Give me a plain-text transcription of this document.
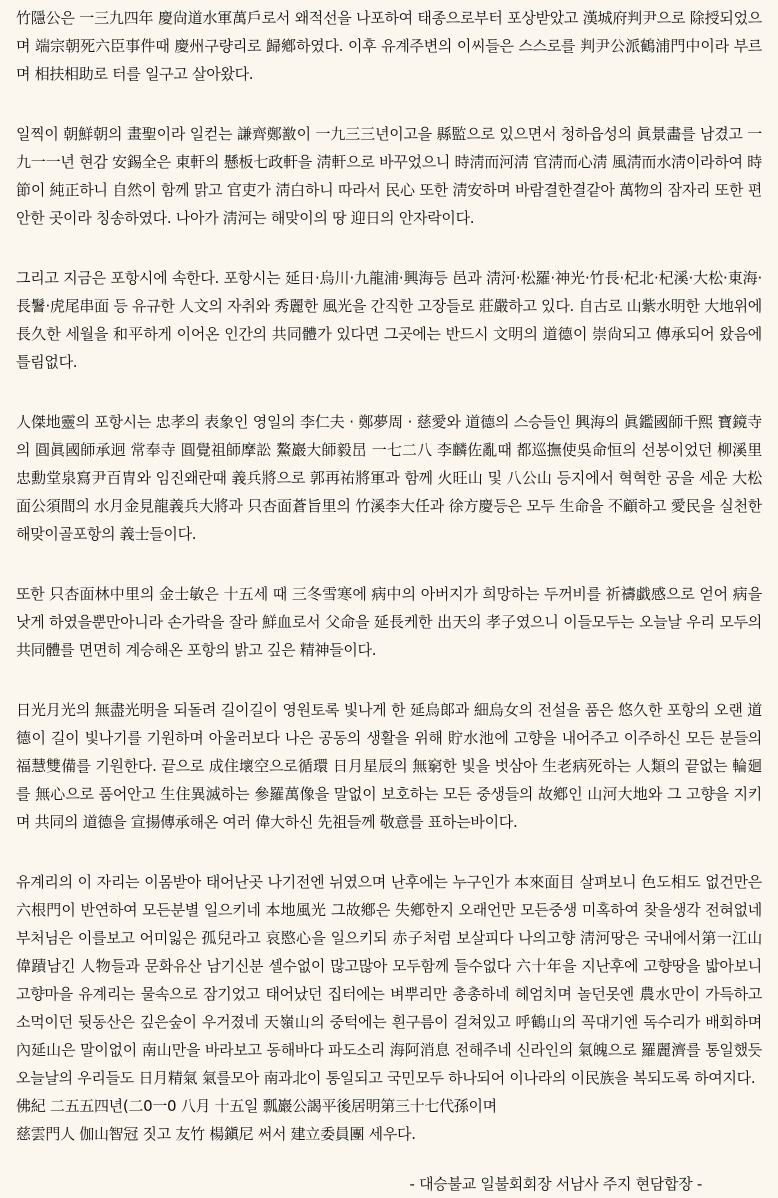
竹隱公은 一三九四年 慶尙道水軍萬戶로서 왜적선을 나포하여 태종으로부터 포상받았고 漢城府判尹으로 除授되었으며 端宗朝死六臣事件때 慶州구량리로 歸鄕하였다. 이후 유계주변의 이씨들은 스스로를 判尹公派鶴浦門中이라 부르며 相扶相助로 터를 일구고 살아왔다.

일찍이 朝鮮朝의 畫聖이라 일컫는 謙齊鄭敾이 一九三三년이고을 縣監으로 있으면서 청하읍성의 眞景畵를 남겼고 一九一一년 현감 安錫全은 東軒의 懸板七政軒을 淸軒으로 바꾸었으니 時淸而河淸 官淸而心淸 風淸而水淸이라하여 時節이 純正하니 自然이 함께 맑고 官吏가 淸白하니 따라서 民心 또한 淸安하며 바람결한결같아 萬物의 잠자리 또한 편안한 곳이라 칭송하였다. 나아가 淸河는 해맞이의 땅 迎日의 안자락이다.

그리고 지금은 포항시에 속한다. 포항시는 延日·烏川·九龍浦·興海등 邑과 淸河·松羅·神光·竹長·杞北·杞溪·大松·東海·長鬐·虎尾串面 등 유규한 人文의 자취와 秀麗한 風光을 간직한 고장들로 莊嚴하고 있다. 自古로 山紫水明한 大地위에 長久한 세월을 和平하게 이어온 인간의 共同體가 있다면 그곳에는 반드시 文明의 道德이 崇尙되고 傳承되어 왔음에 틀림없다.

人傑地靈의 포항시는 忠孝의 表象인 영일의 李仁夫 · 鄭夢周 · 慈愛와 道德의 스승들인 興海의 眞鑑國師千熙 寶鏡寺의 圓眞國師承迥 常奉寺 圓覺祖師摩訟 鰲巖大師毅旵 一七二八 李麟佐亂때 都巡撫使吳命恒의 선봉이었던 柳溪里 忠勳堂泉寫尹百冑와 임진왜란때 義兵將으로 郭再祐將軍과 함께 火旺山 및 八公山 등지에서 혁혁한 공을 세운 大松面公須間의 水月金見龍義兵大將과 只杏面蒼旨里의 竹溪李大任과 徐方慶등은 모두 生命을 不顧하고 愛民을 실천한 해맞이골포항의 義士들이다.

또한 只杏面林中里의 金士敏은 十五세 때 三冬雪寒에 病中의 아버지가 희망하는 두꺼비를 祈禱戱感으로 얻어 病을 낫게 하였을뿐만아니라 손가락을 잘라 鮮血로서 父命을 延長케한 出天의 孝子였으니 이들모두는 오늘날 우리 모두의 共同體를 면면히 계승해온 포항의 밝고 깊은 精神들이다.

日光月光의 無盡光明을 되돌려 길이길이 영원토록 빛나게 한 延烏郞과 細烏女의 전설을 품은 悠久한 포항의 오랜 道德이 길이 빛나기를 기원하며 아울러보다 나은 공동의 생활을 위해 貯水池에 고향을 내어주고 이주하신 모든 분들의 福慧雙備를 기원한다. 끝으로 成住壞空으로循環 日月星辰의 無窮한 빛을 벗삼아 生老病死하는 人類의 끝없는 輪廻를 無心으로 품어안고 生住異滅하는 參羅萬像을 말없이 보호하는 모든 중생들의 故鄕인 山河大地와 그 고향을 지키며 共同의 道德을 宣揚傳承해온 여러 偉大하신 先祖들께 敬意를 표하는바이다.

유계리의 이 자리는 이몸받아 태어난곳 나기전엔 뉘였으며 난후에는 누구인가 本來面目 살펴보니 色도相도 없건만은 六根門이 반연하여 모든분별 일으키네 本地風光 그故鄕은 失鄕한지 오래언만 모든중생 미혹하여 찾을생각 전혀없네 부처님은 이를보고 어미잃은 孤兒라고 哀愍心을 일으키되 赤子처럼 보살피다 나의고향 淸河땅은 국내에서第一江山 偉蹟남긴 人物들과 문화유산 남기신분 셀수없이 많고많아 모두함께 들수없다 六十年을 지난후에 고향땅을 밟아보니 고향마을 유계리는 물속으로 잠기었고 태어났던 집터에는 벼뿌리만 총총하네 헤엄치며 놀던못엔 農水만이 가득하고 소먹이던 뒷동산은 깊은숲이 우거졌네 天嶺山의 중턱에는 흰구름이 걸쳐있고 呼鶴山의 꼭대기엔 독수리가 배회하며 內延山은 말이없이 南山만을 바라보고 동해바다 파도소리 海阿消息 전해주네 신라인의 氣魄으로 羅麗濟를 통일했듯 오늘날의 우리들도 日月精氣 氣를모아 南과北이 통일되고 국민모두 하나되어 이나라의 이民族을 복되도록 하여지다.

佛紀 二五五四년(二0一0 八月 十五일 瓢巖公謁平後居明第三十七代孫이며
慈雲門人 伽山智冠 짓고 友竹 楊鎭尼 써서 建立委員團 세우다.
- 대승불교 일불회회장 서남사 주지 현담합장 -
